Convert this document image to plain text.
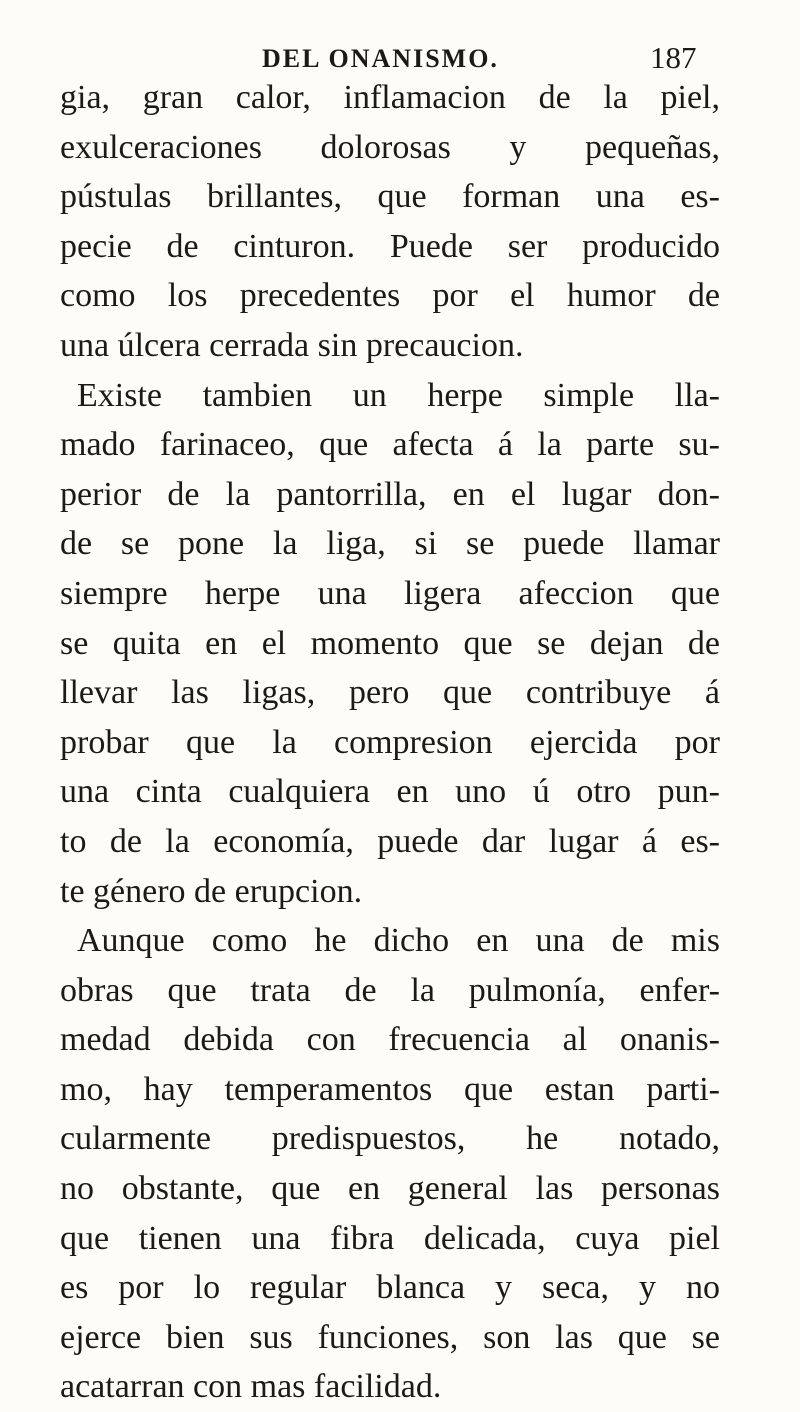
DEL ONANISMO.	187
gia, gran calor, inflamacion de la piel,
exulceraciones dolorosas y pequeñas,
pústulas brillantes, que forman una es-
pecie de cinturon. Puede ser producido
como los precedentes por el humor de
una úlcera cerrada sin precaucion.
Existe tambien un herpe simple lla-
mado farinaceo, que afecta á la parte su-
perior de la pantorrilla, en el lugar don-
de se pone la liga, si se puede llamar
siempre herpe una ligera afeccion que
se quita en el momento que se dejan de
llevar las ligas, pero que contribuye á
probar que la compresion ejercida por
una cinta cualquiera en uno ú otro pun-
to de la economía, puede dar lugar á es-
te género de erupcion.
Aunque como he dicho en una de mis
obras que trata de la pulmonía, enfer-
medad debida con frecuencia al onanis-
mo, hay temperamentos que estan parti-
cularmente predispuestos, he notado,
no obstante, que en general las personas
que tienen una fibra delicada, cuya piel
es por lo regular blanca y seca, y no
ejerce bien sus funciones, son las que se
acatarran con mas facilidad.
